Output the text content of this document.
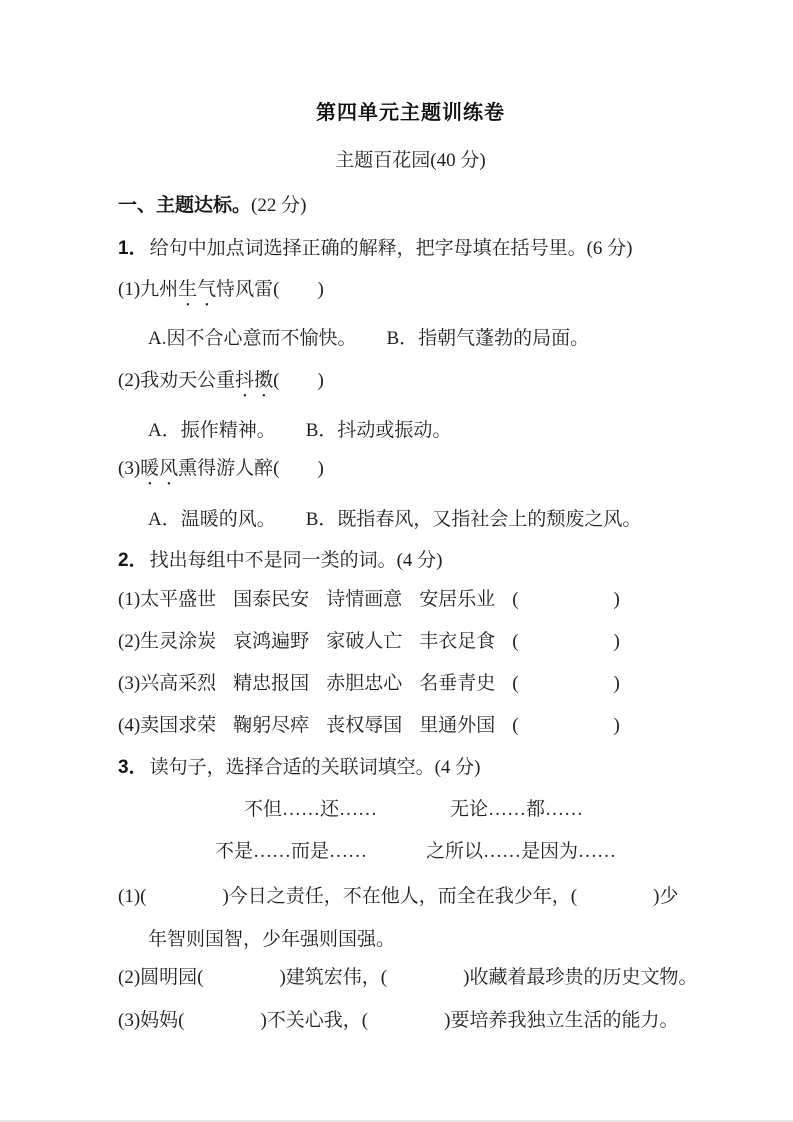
第四单元主题训练卷
主题百花园(40 分)
一、主题达标。(22 分)
1． 给句中加点词选择正确的解释，把字母填在括号里。(6 分)
(1)九州生气恃风雷(　　)
A.因不合心意而不愉快。 B．指朝气蓬勃的局面。
(2)我劝天公重抖擞(　　)
A．振作精神。 B．抖动或振动。
(3)暖风熏得游人醉(　　)
A．温暖的风。 B．既指春风，又指社会上的颓废之风。
2． 找出每组中不是同一类的词。(4 分)
(1)太平盛世 国泰民安 诗情画意 安居乐业 (　　　　　)
(2)生灵涂炭 哀鸿遍野 家破人亡 丰衣足食 (　　　　　)
(3)兴高采烈 精忠报国 赤胆忠心 名垂青史 (　　　　　)
(4)卖国求荣 鞠躬尽瘁 丧权辱国 里通外国 (　　　　　)
3． 读句子，选择合适的关联词填空。(4 分)
不但……还……	无论……都……
不是……而是……	之所以……是因为……
(1)(　　　　)今日之责任，不在他人，而全在我少年，(　　　　)少
年智则国智，少年强则国强。
(2)圆明园(　　　　)建筑宏伟，(　　　　)收藏着最珍贵的历史文物。
(3)妈妈(　　　　)不关心我，(　　　　)要培养我独立生活的能力。
